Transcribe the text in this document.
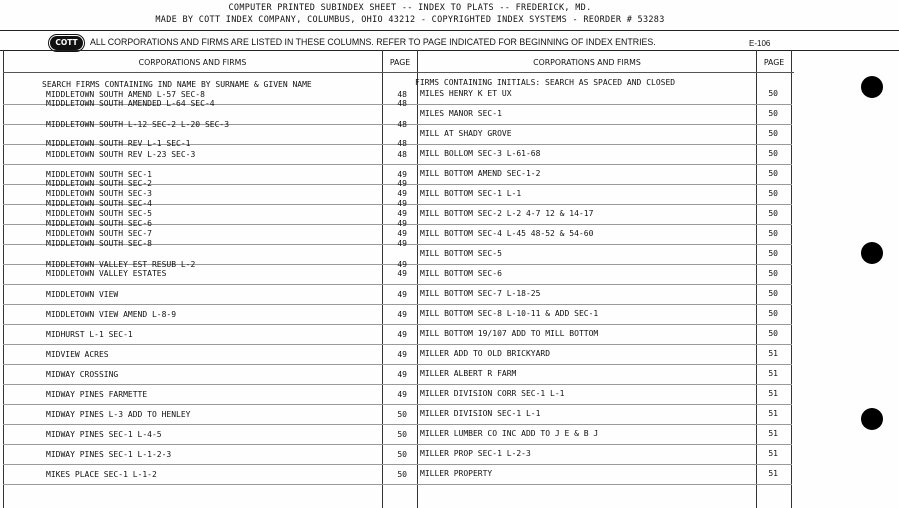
COMPUTER PRINTED SUBINDEX SHEET -- INDEX TO PLATS -- FREDERICK, MD.
MADE BY COTT INDEX COMPANY, COLUMBUS, OHIO 43212 - COPYRIGHTED INDEX SYSTEMS - REORDER # 53283
COTT	ALL CORPORATIONS AND FIRMS ARE LISTED IN THESE COLUMNS. REFER TO PAGE INDICATED FOR BEGINNING OF INDEX ENTRIES.	E-106
CORPORATIONS AND FIRMS	PAGE	CORPORATIONS AND FIRMS	PAGE
SEARCH FIRMS CONTAINING IND NAME BY SURNAME & GIVEN NAME	FIRMS CONTAINING INITIALS: SEARCH AS SPACED AND CLOSED
MIDDLETOWN SOUTH AMEND L-57 SEC-8	48
MIDDLETOWN SOUTH AMENDED L-64 SEC-4	48
MIDDLETOWN SOUTH L-12 SEC-2 L-20 SEC-3	48
MIDDLETOWN SOUTH REV L-1 SEC-1	48
MIDDLETOWN SOUTH REV L-23 SEC-3	48
MIDDLETOWN SOUTH SEC-1	49
MIDDLETOWN SOUTH SEC-2	49
MIDDLETOWN SOUTH SEC-3	49
MIDDLETOWN SOUTH SEC-4	49
MIDDLETOWN SOUTH SEC-5	49
MIDDLETOWN SOUTH SEC-6	49
MIDDLETOWN SOUTH SEC-7	49
MIDDLETOWN SOUTH SEC-8	49
MIDDLETOWN VALLEY EST RESUB L-2	49
MIDDLETOWN VALLEY ESTATES	49
MIDDLETOWN VIEW	49
MIDDLETOWN VIEW AMEND L-8-9	49
MIDHURST L-1 SEC-1	49
MIDVIEW ACRES	49
MIDWAY CROSSING	49
MIDWAY PINES FARMETTE	49
MIDWAY PINES L-3 ADD TO HENLEY	50
MIDWAY PINES SEC-1 L-4-5	50
MIDWAY PINES SEC-1 L-1-2-3	50
MIKES PLACE SEC-1 L-1-2	50
MILES HENRY K ET UX	50
MILES MANOR SEC-1	50
MILL AT SHADY GROVE	50
MILL BOLLOM SEC-3 L-61-68	50
MILL BOTTOM AMEND SEC-1-2	50
MILL BOTTOM SEC-1 L-1	50
MILL BOTTOM SEC-2 L-2 4-7 12 & 14-17	50
MILL BOTTOM SEC-4 L-45 48-52 & 54-60	50
MILL BOTTOM SEC-5	50
MILL BOTTOM SEC-6	50
MILL BOTTOM SEC-7 L-18-25	50
MILL BOTTOM SEC-8 L-10-11 & ADD SEC-1	50
MILL BOTTOM 19/107 ADD TO MILL BOTTOM	50
MILLER ADD TO OLD BRICKYARD	51
MILLER ALBERT R FARM	51
MILLER DIVISION CORR SEC-1 L-1	51
MILLER DIVISION SEC-1 L-1	51
MILLER LUMBER CO INC ADD TO J E & B J	51
MILLER PROP SEC-1 L-2-3	51
MILLER PROPERTY	51
